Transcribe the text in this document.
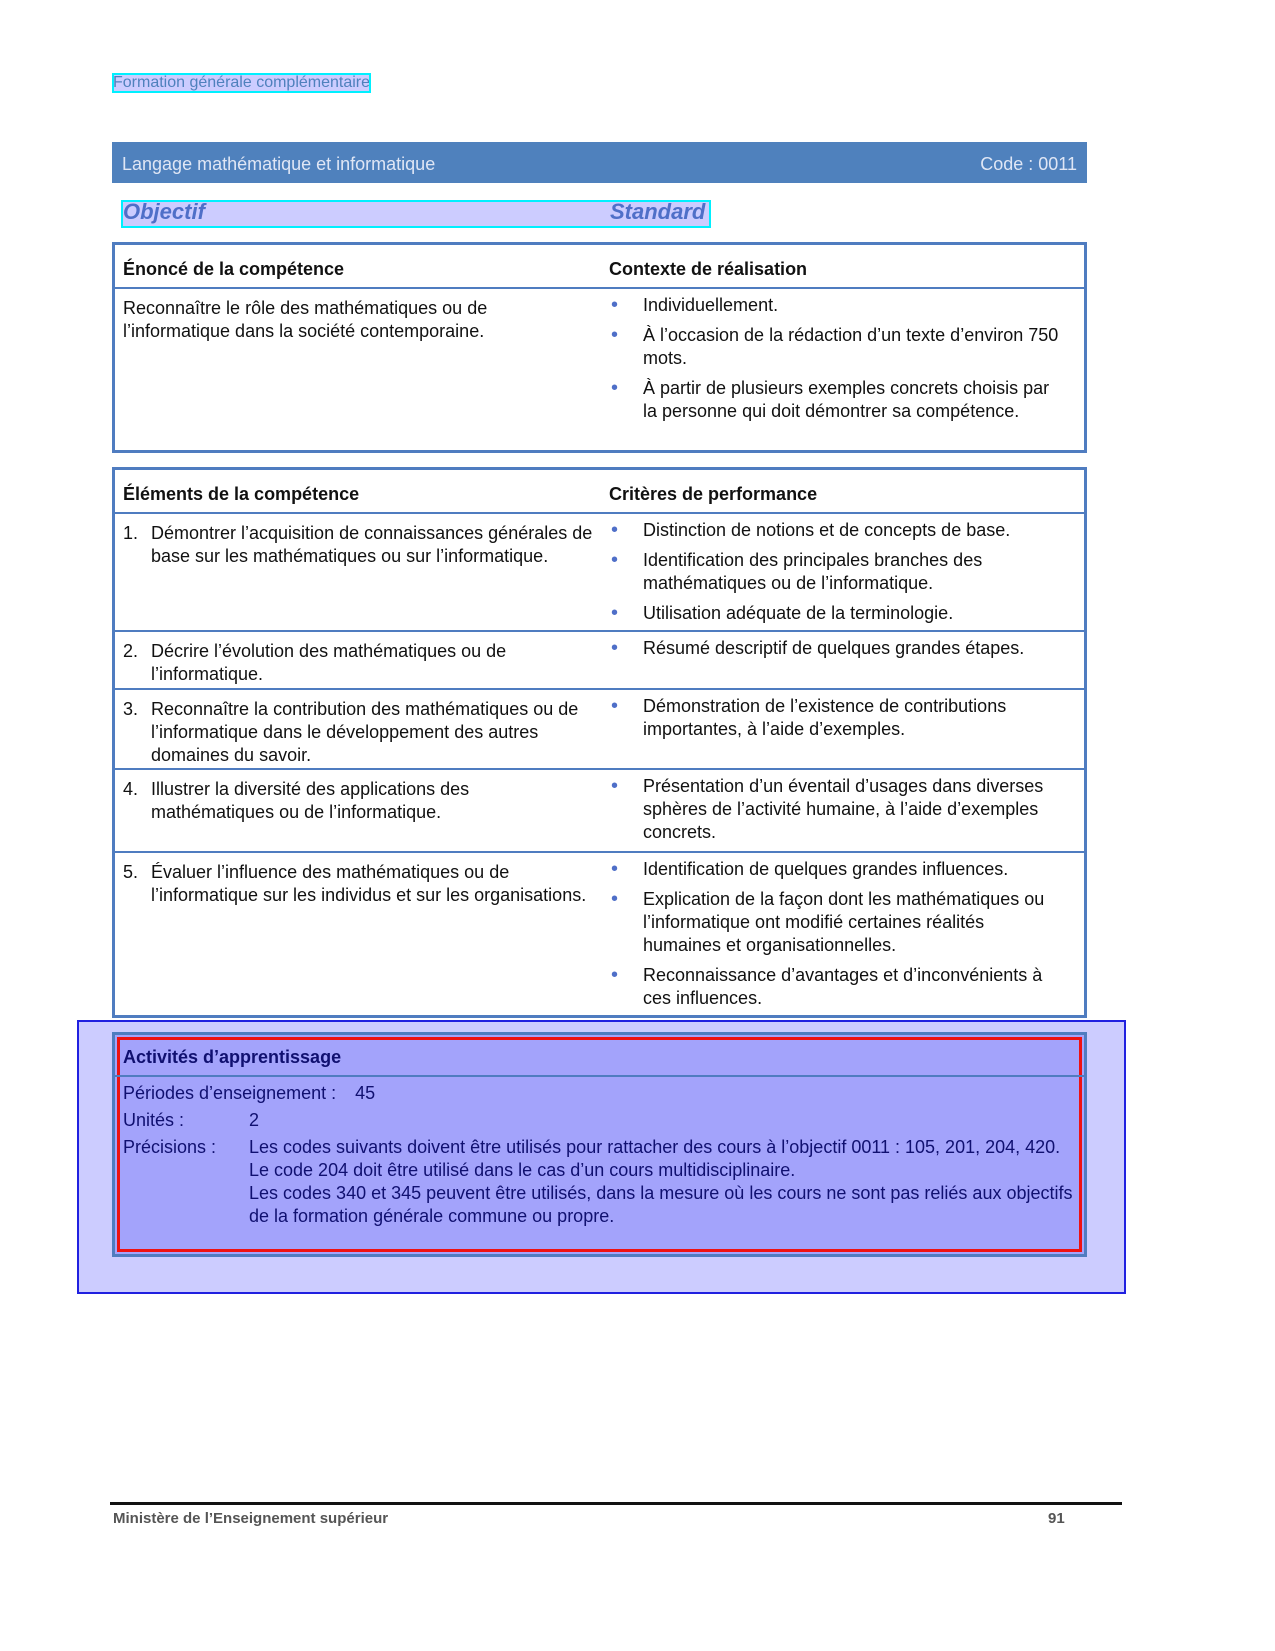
Formation générale complémentaire
Langage mathématique et informatique	Code : 0011
Objectif	Standard
Énoncé de la compétence	Contexte de réalisation
Reconnaître le rôle des mathématiques ou de l’informatique dans la société contemporaine.
• Individuellement.
• À l’occasion de la rédaction d’un texte d’environ 750 mots.
• À partir de plusieurs exemples concrets choisis par la personne qui doit démontrer sa compétence.
Éléments de la compétence	Critères de performance
1. Démontrer l’acquisition de connaissances générales de base sur les mathématiques ou sur l’informatique.
• Distinction de notions et de concepts de base.
• Identification des principales branches des mathématiques ou de l’informatique.
• Utilisation adéquate de la terminologie.
2. Décrire l’évolution des mathématiques ou de l’informatique.
• Résumé descriptif de quelques grandes étapes.
3. Reconnaître la contribution des mathématiques ou de l’informatique dans le développement des autres domaines du savoir.
• Démonstration de l’existence de contributions importantes, à l’aide d’exemples.
4. Illustrer la diversité des applications des mathématiques ou de l’informatique.
• Présentation d’un éventail d’usages dans diverses sphères de l’activité humaine, à l’aide d’exemples concrets.
5. Évaluer l’influence des mathématiques ou de l’informatique sur les individus et sur les organisations.
• Identification de quelques grandes influences.
• Explication de la façon dont les mathématiques ou l’informatique ont modifié certaines réalités humaines et organisationnelles.
• Reconnaissance d’avantages et d’inconvénients à ces influences.
Activités d’apprentissage
Périodes d’enseignement : 45
Unités :	2
Précisions : Les codes suivants doivent être utilisés pour rattacher des cours à l’objectif 0011 : 105, 201, 204, 420.
Le code 204 doit être utilisé dans le cas d’un cours multidisciplinaire.
Les codes 340 et 345 peuvent être utilisés, dans la mesure où les cours ne sont pas reliés aux objectifs de la formation générale commune ou propre.
Ministère de l’Enseignement supérieur	91
